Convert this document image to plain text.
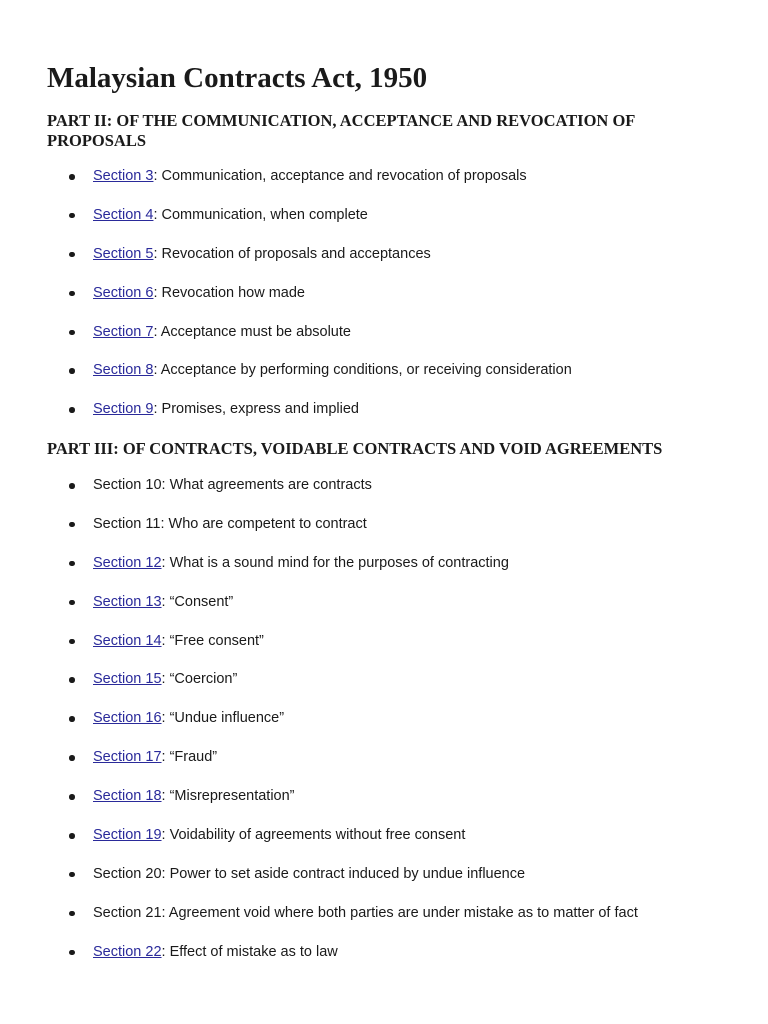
Malaysian Contracts Act, 1950
PART II: OF THE COMMUNICATION, ACCEPTANCE AND REVOCATION OF PROPOSALS
Section 3: Communication, acceptance and revocation of proposals
Section 4: Communication, when complete
Section 5: Revocation of proposals and acceptances
Section 6: Revocation how made
Section 7: Acceptance must be absolute
Section 8: Acceptance by performing conditions, or receiving consideration
Section 9: Promises, express and implied
PART III: OF CONTRACTS, VOIDABLE CONTRACTS AND VOID AGREEMENTS
Section 10: What agreements are contracts
Section 11: Who are competent to contract
Section 12: What is a sound mind for the purposes of contracting
Section 13: “Consent”
Section 14: “Free consent”
Section 15: “Coercion”
Section 16: “Undue influence”
Section 17: “Fraud”
Section 18: “Misrepresentation”
Section 19: Voidability of agreements without free consent
Section 20: Power to set aside contract induced by undue influence
Section 21: Agreement void where both parties are under mistake as to matter of fact
Section 22: Effect of mistake as to law
